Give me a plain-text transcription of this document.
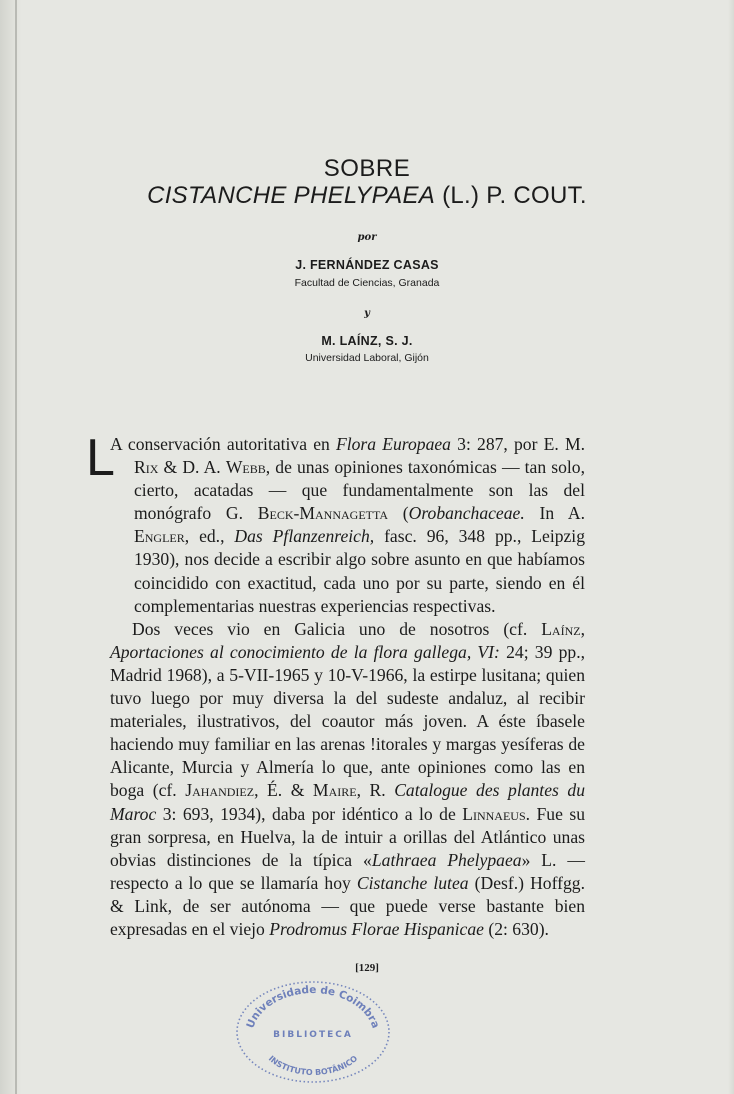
SOBRE
CISTANCHE PHELYPAEA (L.) P. COUT.
por
J. FERNÁNDEZ CASAS
Facultad de Ciencias, Granada
y
M. LAÍNZ, S. J.
Universidad Laboral, Gijón

L
A conservación autoritativa en Flora Europaea 3: 287, por E. M. Rix & D. A. Webb, de unas opiniones taxonómicas — tan solo, cierto, acatadas — que fundamentalmente son las del monógrafo G. Beck-Mannagetta (Orobanchaceae. In A. Engler, ed., Das Pflanzenreich, fasc. 96, 348 pp., Leipzig 1930), nos decide a escribir algo sobre asunto en que habíamos coincidido con exactitud, cada uno por su parte, siendo en él complementarias nuestras experiencias respectivas.

Dos veces vio en Galicia uno de nosotros (cf. Laínz, Aportaciones al conocimiento de la flora gallega, VI: 24; 39 pp., Madrid 1968), a 5-VII-1965 y 10-V-1966, la estirpe lusitana; quien tuvo luego por muy diversa la del sudeste andaluz, al recibir materiales, ilustrativos, del coautor más joven. A éste íbasele haciendo muy familiar en las arenas !itorales y margas yesíferas de Alicante, Murcia y Almería lo que, ante opiniones como las en boga (cf. Jahandiez, É. & Maire, R. Catalogue des plantes du Maroc 3: 693, 1934), daba por idéntico a lo de Linnaeus. Fue su gran sorpresa, en Huelva, la de intuir a orillas del Atlántico unas obvias distinciones de la típica «Lathraea Phelypaea» L. — respecto a lo que se llamaría hoy Cistanche lutea (Desf.) Hoffgg. & Link, de ser autónoma — que puede verse bastante bien expresadas en el viejo Prodromus Florae Hispanicae (2: 630).

[129]
Universidade de Coimbra
BIBLIOTECA
INSTITUTO BOTÂNICO
